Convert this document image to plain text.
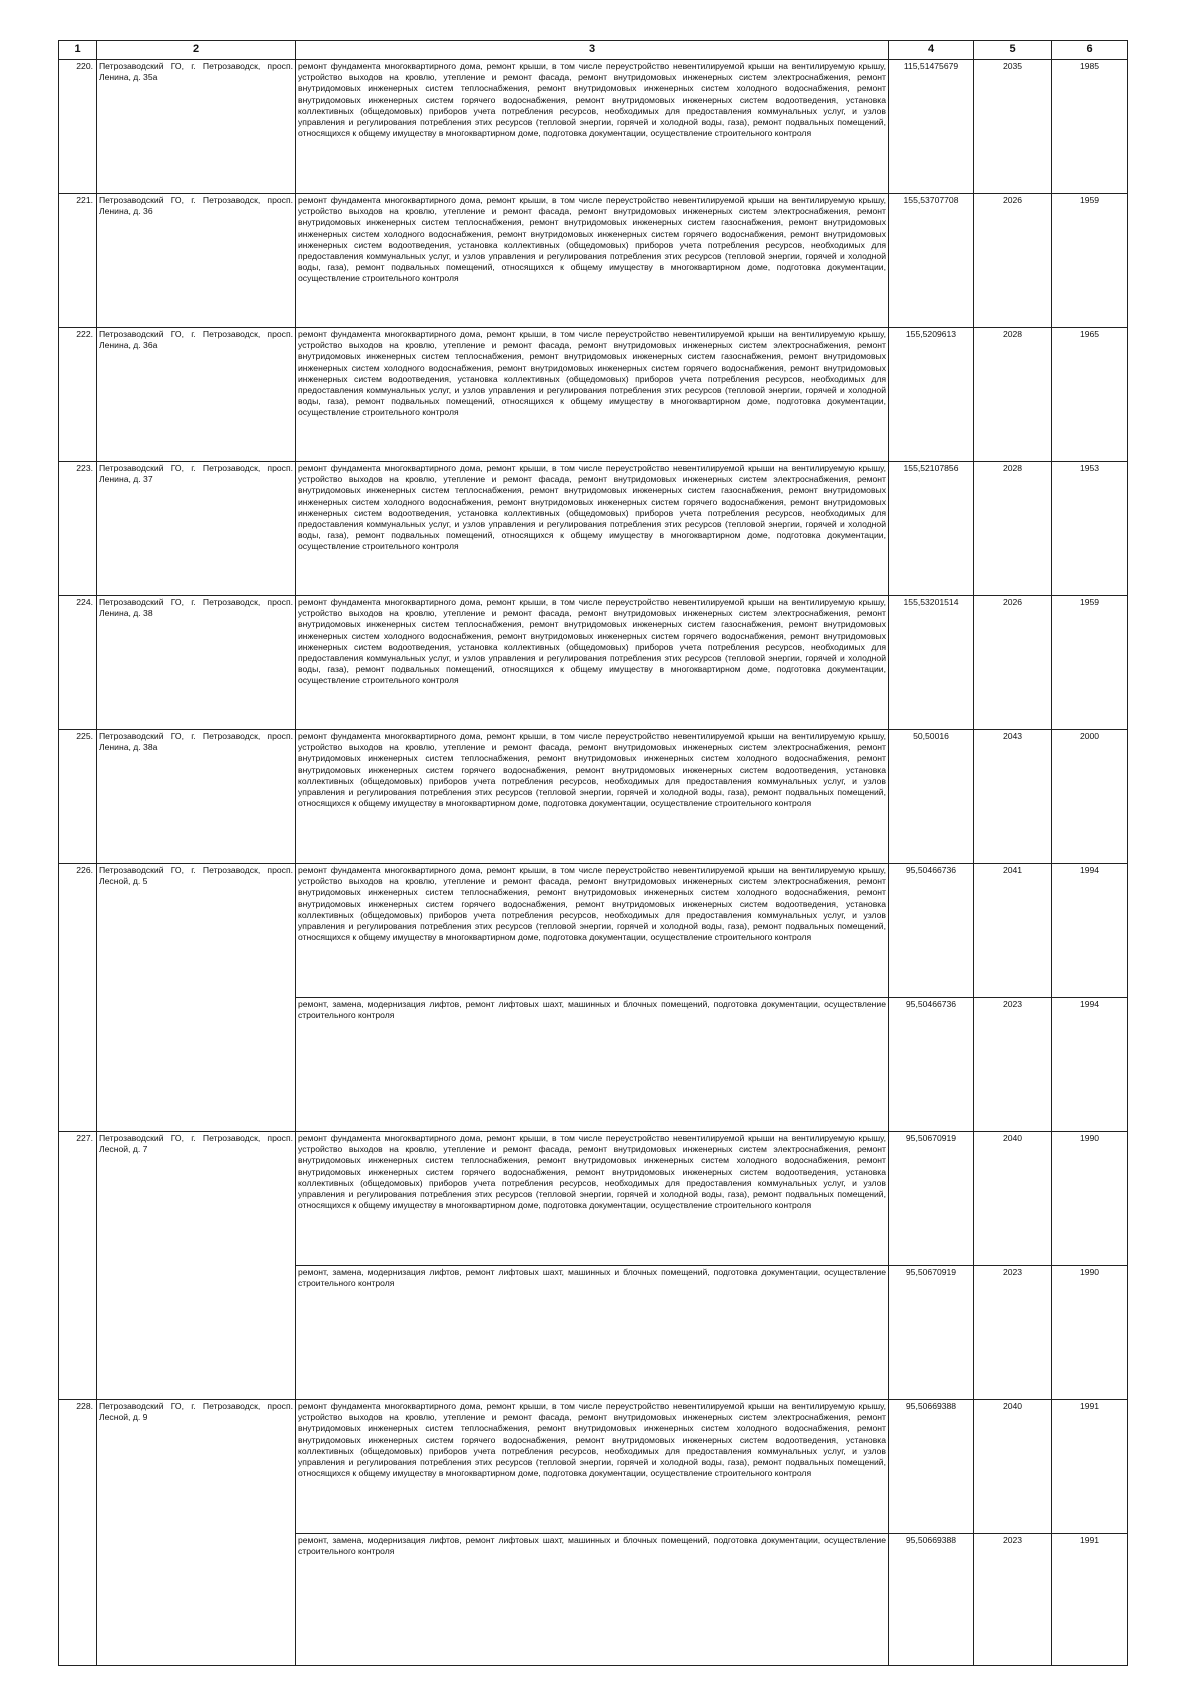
1	2	3	4	5	6
220.	Петрозаводский ГО, г. Петрозаводск, просп. Ленина, д. 35а	ремонт фундамента многоквартирного дома, ремонт крыши, в том числе переустройство невентилируемой крыши на вентилируемую крышу, устройство выходов на кровлю, утепление и ремонт фасада, ремонт внутридомовых инженерных систем электроснабжения, ремонт внутридомовых инженерных систем теплоснабжения, ремонт внутридомовых инженерных систем холодного водоснабжения, ремонт внутридомовых инженерных систем горячего водоснабжения, ремонт внутридомовых инженерных систем водоотведения, установка коллективных (общедомовых) приборов учета потребления ресурсов, необходимых для предоставления коммунальных услуг, и узлов управления и регулирования потребления этих ресурсов (тепловой энергии, горячей и холодной воды, газа), ремонт подвальных помещений, относящихся к общему имуществу в многоквартирном доме, подготовка документации, осуществление строительного контроля	115,51475679	2035	1985
221.	Петрозаводский ГО, г. Петрозаводск, просп. Ленина, д. 36	ремонт фундамента многоквартирного дома, ремонт крыши, в том числе переустройство невентилируемой крыши на вентилируемую крышу, устройство выходов на кровлю, утепление и ремонт фасада, ремонт внутридомовых инженерных систем электроснабжения, ремонт внутридомовых инженерных систем теплоснабжения, ремонт внутридомовых инженерных систем газоснабжения, ремонт внутридомовых инженерных систем холодного водоснабжения, ремонт внутридомовых инженерных систем горячего водоснабжения, ремонт внутридомовых инженерных систем водоотведения, установка коллективных (общедомовых) приборов учета потребления ресурсов, необходимых для предоставления коммунальных услуг, и узлов управления и регулирования потребления этих ресурсов (тепловой энергии, горячей и холодной воды, газа), ремонт подвальных помещений, относящихся к общему имуществу в многоквартирном доме, подготовка документации, осуществление строительного контроля	155,53707708	2026	1959
222.	Петрозаводский ГО, г. Петрозаводск, просп. Ленина, д. 36а	ремонт фундамента многоквартирного дома, ремонт крыши, в том числе переустройство невентилируемой крыши на вентилируемую крышу, устройство выходов на кровлю, утепление и ремонт фасада, ремонт внутридомовых инженерных систем электроснабжения, ремонт внутридомовых инженерных систем теплоснабжения, ремонт внутридомовых инженерных систем газоснабжения, ремонт внутридомовых инженерных систем холодного водоснабжения, ремонт внутридомовых инженерных систем горячего водоснабжения, ремонт внутридомовых инженерных систем водоотведения, установка коллективных (общедомовых) приборов учета потребления ресурсов, необходимых для предоставления коммунальных услуг, и узлов управления и регулирования потребления этих ресурсов (тепловой энергии, горячей и холодной воды, газа), ремонт подвальных помещений, относящихся к общему имуществу в многоквартирном доме, подготовка документации, осуществление строительного контроля	155,5209613	2028	1965
223.	Петрозаводский ГО, г. Петрозаводск, просп. Ленина, д. 37	ремонт фундамента многоквартирного дома, ремонт крыши, в том числе переустройство невентилируемой крыши на вентилируемую крышу, устройство выходов на кровлю, утепление и ремонт фасада, ремонт внутридомовых инженерных систем электроснабжения, ремонт внутридомовых инженерных систем теплоснабжения, ремонт внутридомовых инженерных систем газоснабжения, ремонт внутридомовых инженерных систем холодного водоснабжения, ремонт внутридомовых инженерных систем горячего водоснабжения, ремонт внутридомовых инженерных систем водоотведения, установка коллективных (общедомовых) приборов учета потребления ресурсов, необходимых для предоставления коммунальных услуг, и узлов управления и регулирования потребления этих ресурсов (тепловой энергии, горячей и холодной воды, газа), ремонт подвальных помещений, относящихся к общему имуществу в многоквартирном доме, подготовка документации, осуществление строительного контроля	155,52107856	2028	1953
224.	Петрозаводский ГО, г. Петрозаводск, просп. Ленина, д. 38	ремонт фундамента многоквартирного дома, ремонт крыши, в том числе переустройство невентилируемой крыши на вентилируемую крышу, устройство выходов на кровлю, утепление и ремонт фасада, ремонт внутридомовых инженерных систем электроснабжения, ремонт внутридомовых инженерных систем теплоснабжения, ремонт внутридомовых инженерных систем газоснабжения, ремонт внутридомовых инженерных систем холодного водоснабжения, ремонт внутридомовых инженерных систем горячего водоснабжения, ремонт внутридомовых инженерных систем водоотведения, установка коллективных (общедомовых) приборов учета потребления ресурсов, необходимых для предоставления коммунальных услуг, и узлов управления и регулирования потребления этих ресурсов (тепловой энергии, горячей и холодной воды, газа), ремонт подвальных помещений, относящихся к общему имуществу в многоквартирном доме, подготовка документации, осуществление строительного контроля	155,53201514	2026	1959
225.	Петрозаводский ГО, г. Петрозаводск, просп. Ленина, д. 38а	ремонт фундамента многоквартирного дома, ремонт крыши, в том числе переустройство невентилируемой крыши на вентилируемую крышу, устройство выходов на кровлю, утепление и ремонт фасада, ремонт внутридомовых инженерных систем электроснабжения, ремонт внутридомовых инженерных систем теплоснабжения, ремонт внутридомовых инженерных систем холодного водоснабжения, ремонт внутридомовых инженерных систем горячего водоснабжения, ремонт внутридомовых инженерных систем водоотведения, установка коллективных (общедомовых) приборов учета потребления ресурсов, необходимых для предоставления коммунальных услуг, и узлов управления и регулирования потребления этих ресурсов (тепловой энергии, горячей и холодной воды, газа), ремонт подвальных помещений, относящихся к общему имуществу в многоквартирном доме, подготовка документации, осуществление строительного контроля	50,50016	2043	2000
226.	Петрозаводский ГО, г. Петрозаводск, просп. Лесной, д. 5	ремонт фундамента многоквартирного дома, ремонт крыши, в том числе переустройство невентилируемой крыши на вентилируемую крышу, устройство выходов на кровлю, утепление и ремонт фасада, ремонт внутридомовых инженерных систем электроснабжения, ремонт внутридомовых инженерных систем теплоснабжения, ремонт внутридомовых инженерных систем холодного водоснабжения, ремонт внутридомовых инженерных систем горячего водоснабжения, ремонт внутридомовых инженерных систем водоотведения, установка коллективных (общедомовых) приборов учета потребления ресурсов, необходимых для предоставления коммунальных услуг, и узлов управления и регулирования потребления этих ресурсов (тепловой энергии, горячей и холодной воды, газа), ремонт подвальных помещений, относящихся к общему имуществу в многоквартирном доме, подготовка документации, осуществление строительного контроля	95,50466736	2041	1994
		ремонт, замена, модернизация лифтов, ремонт лифтовых шахт, машинных и блочных помещений, подготовка документации, осуществление строительного контроля	95,50466736	2023	1994
227.	Петрозаводский ГО, г. Петрозаводск, просп. Лесной, д. 7	ремонт фундамента многоквартирного дома, ремонт крыши, в том числе переустройство невентилируемой крыши на вентилируемую крышу, устройство выходов на кровлю, утепление и ремонт фасада, ремонт внутридомовых инженерных систем электроснабжения, ремонт внутридомовых инженерных систем теплоснабжения, ремонт внутридомовых инженерных систем холодного водоснабжения, ремонт внутридомовых инженерных систем горячего водоснабжения, ремонт внутридомовых инженерных систем водоотведения, установка коллективных (общедомовых) приборов учета потребления ресурсов, необходимых для предоставления коммунальных услуг, и узлов управления и регулирования потребления этих ресурсов (тепловой энергии, горячей и холодной воды, газа), ремонт подвальных помещений, относящихся к общему имуществу в многоквартирном доме, подготовка документации, осуществление строительного контроля	95,50670919	2040	1990
		ремонт, замена, модернизация лифтов, ремонт лифтовых шахт, машинных и блочных помещений, подготовка документации, осуществление строительного контроля	95,50670919	2023	1990
228.	Петрозаводский ГО, г. Петрозаводск, просп. Лесной, д. 9	ремонт фундамента многоквартирного дома, ремонт крыши, в том числе переустройство невентилируемой крыши на вентилируемую крышу, устройство выходов на кровлю, утепление и ремонт фасада, ремонт внутридомовых инженерных систем электроснабжения, ремонт внутридомовых инженерных систем теплоснабжения, ремонт внутридомовых инженерных систем холодного водоснабжения, ремонт внутридомовых инженерных систем горячего водоснабжения, ремонт внутридомовых инженерных систем водоотведения, установка коллективных (общедомовых) приборов учета потребления ресурсов, необходимых для предоставления коммунальных услуг, и узлов управления и регулирования потребления этих ресурсов (тепловой энергии, горячей и холодной воды, газа), ремонт подвальных помещений, относящихся к общему имуществу в многоквартирном доме, подготовка документации, осуществление строительного контроля	95,50669388	2040	1991
		ремонт, замена, модернизация лифтов, ремонт лифтовых шахт, машинных и блочных помещений, подготовка документации, осуществление строительного контроля	95,50669388	2023	1991
